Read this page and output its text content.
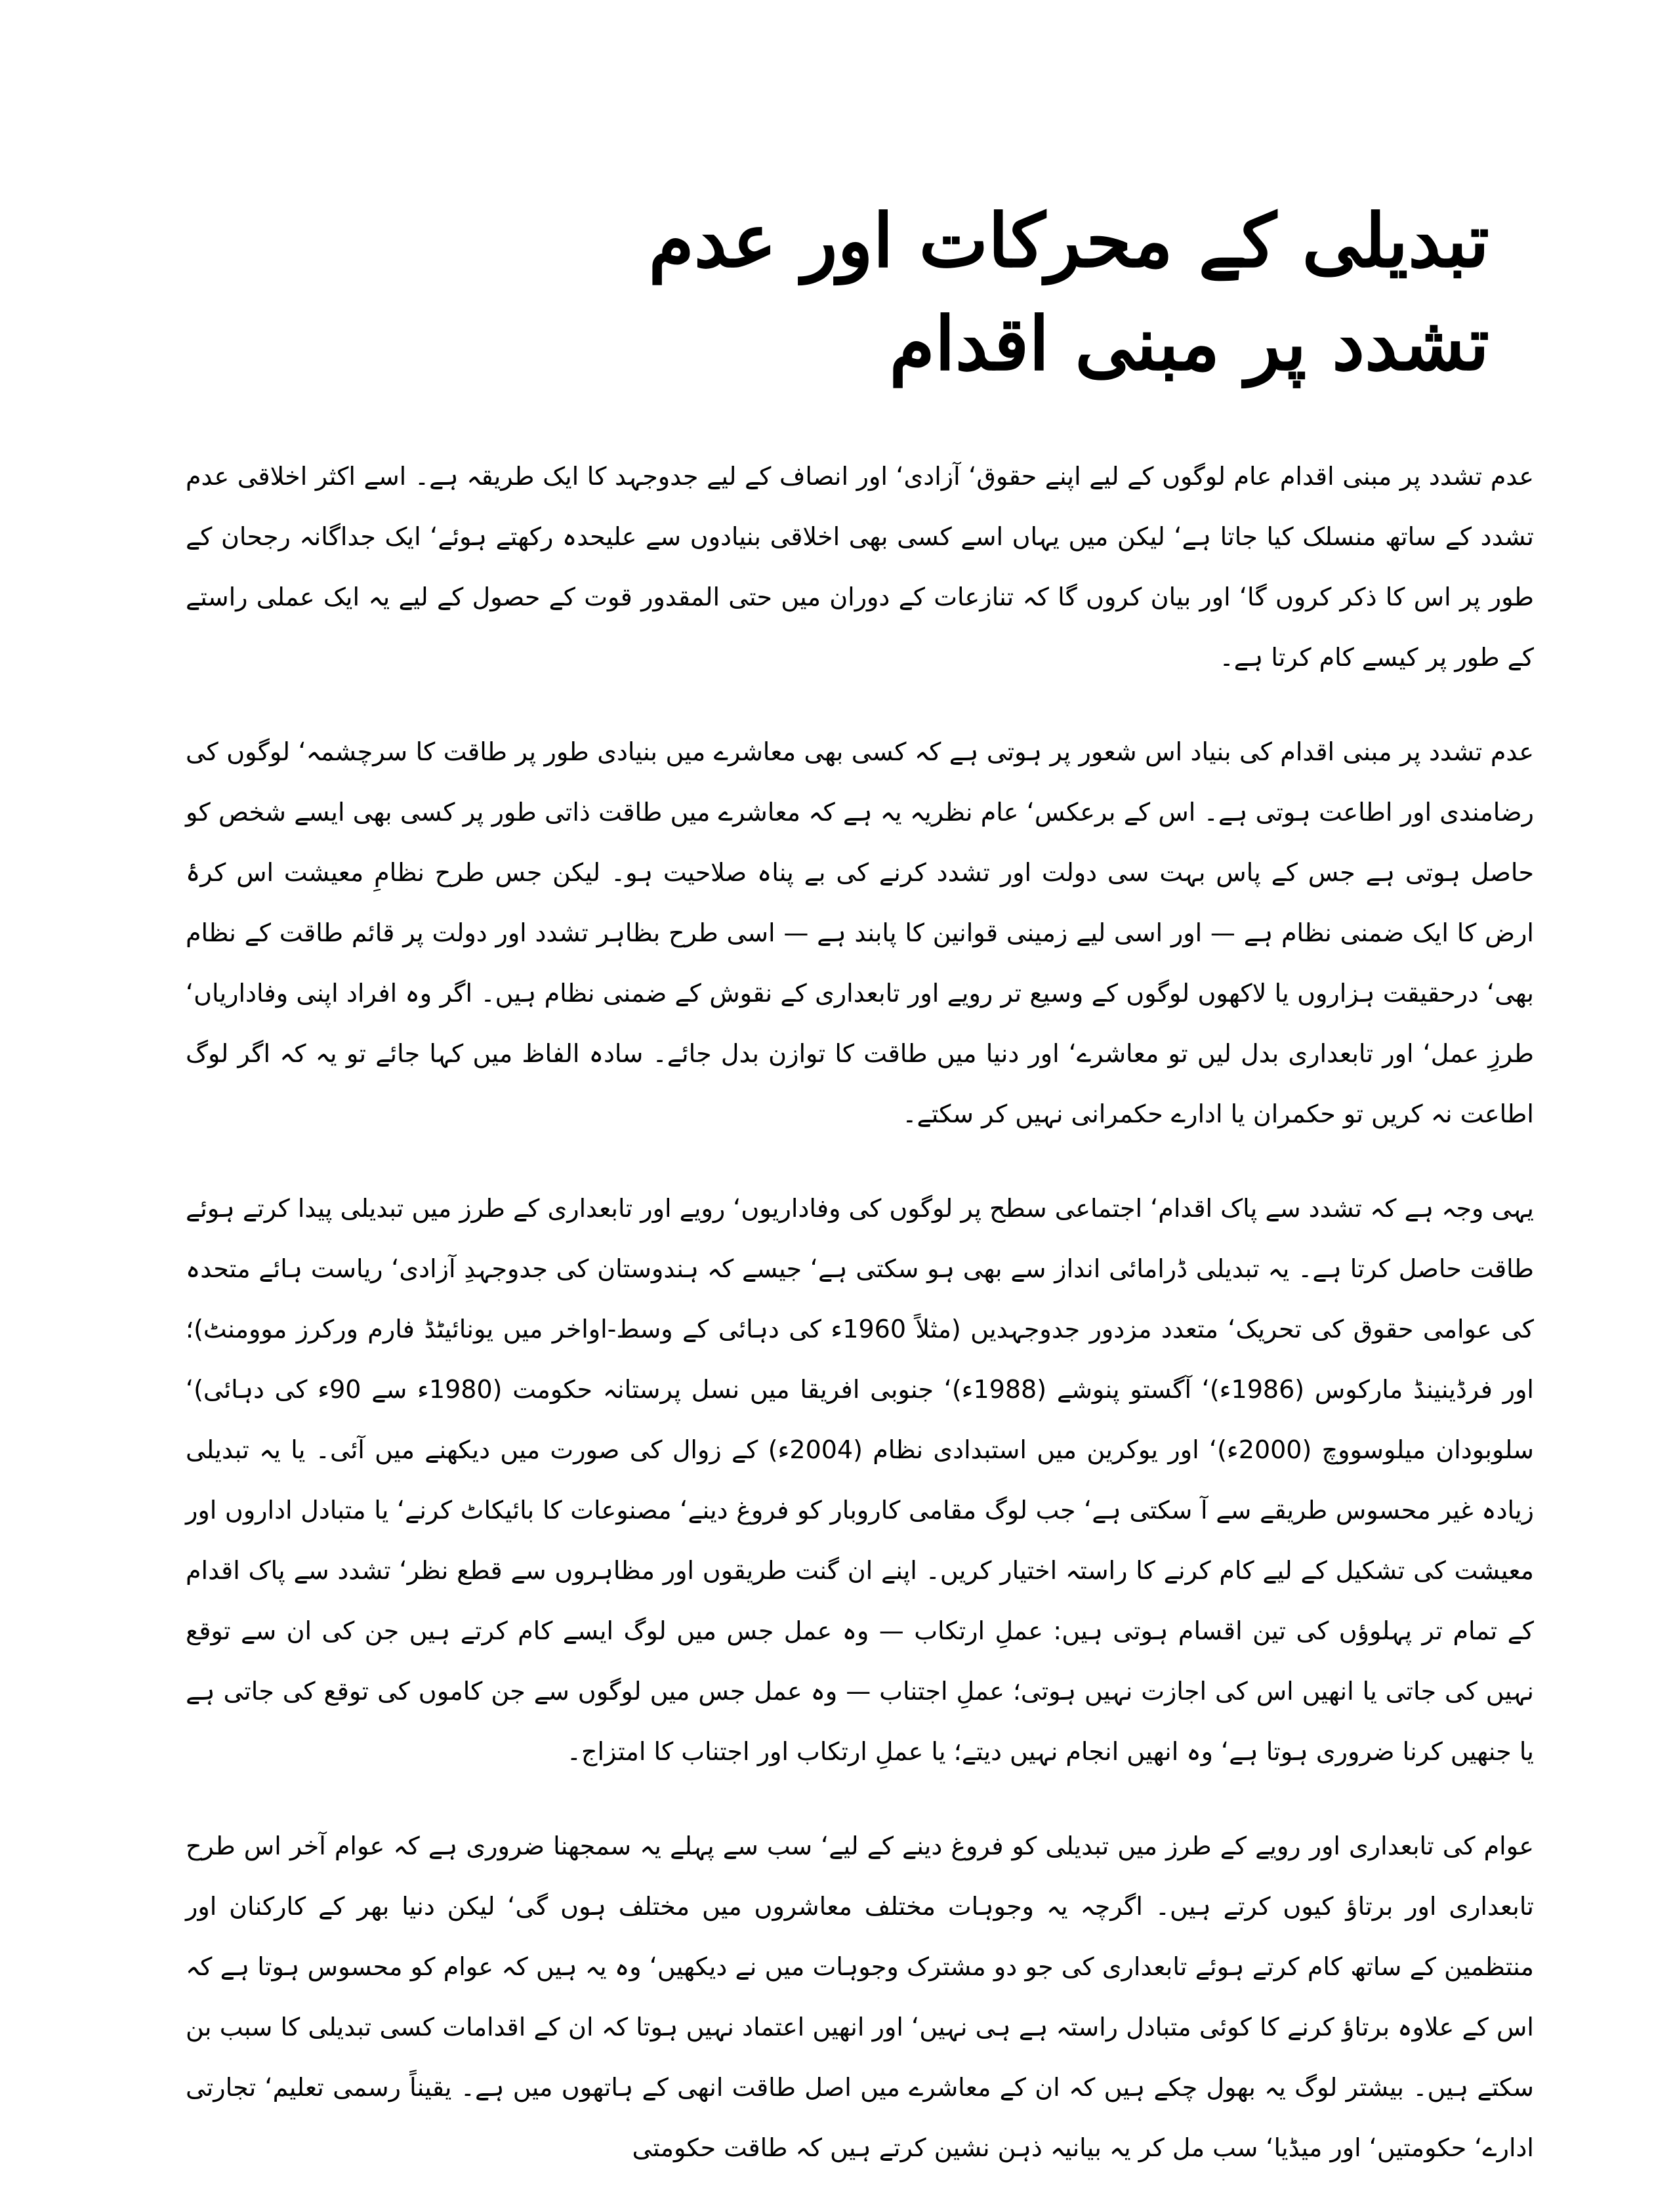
تبدیلی کے محرکات اور عدم تشدد پر مبنی اقدام

عدم تشدد پر مبنی اقدام عام لوگوں کے لیے اپنے حقوق‘ آزادی‘ اور انصاف کے لیے جدوجہد کا ایک طریقہ ہے۔ اسے اکثر اخلاقی عدم تشدد کے ساتھ منسلک کیا جاتا ہے‘ لیکن میں یہاں اسے کسی بھی اخلاقی بنیادوں سے علیحدہ رکھتے ہوئے‘ ایک جداگانہ رجحان کے طور پر اس کا ذکر کروں گا‘ اور بیان کروں گا کہ تنازعات کے دوران میں حتی المقدور قوت کے حصول کے لیے یہ ایک عملی راستے کے طور پر کیسے کام کرتا ہے۔

عدم تشدد پر مبنی اقدام کی بنیاد اس شعور پر ہوتی ہے کہ کسی بھی معاشرے میں بنیادی طور پر طاقت کا سرچشمہ‘ لوگوں کی رضامندی اور اطاعت ہوتی ہے۔ اس کے برعکس‘ عام نظریہ یہ ہے کہ معاشرے میں طاقت ذاتی طور پر کسی بھی ایسے شخص کو حاصل ہوتی ہے جس کے پاس بہت سی دولت اور تشدد کرنے کی بے پناہ صلاحیت ہو۔ لیکن جس طرح نظامِ معیشت اس کرۂ ارض کا ایک ضمنی نظام ہے — اور اسی لیے زمینی قوانین کا پابند ہے — اسی طرح بظاہر تشدد اور دولت پر قائم طاقت کے نظام بھی‘ درحقیقت ہزاروں یا لاکھوں لوگوں کے وسیع تر رویے اور تابعداری کے نقوش کے ضمنی نظام ہیں۔ اگر وہ افراد اپنی وفاداریاں‘ طرزِ عمل‘ اور تابعداری بدل لیں تو معاشرے‘ اور دنیا میں طاقت کا توازن بدل جائے۔ سادہ الفاظ میں کہا جائے تو یہ کہ اگر لوگ اطاعت نہ کریں تو حکمران یا ادارے حکمرانی نہیں کر سکتے۔

یہی وجہ ہے کہ تشدد سے پاک اقدام‘ اجتماعی سطح پر لوگوں کی وفاداریوں‘ رویے اور تابعداری کے طرز میں تبدیلی پیدا کرتے ہوئے طاقت حاصل کرتا ہے۔ یہ تبدیلی ڈرامائی انداز سے بھی ہو سکتی ہے‘ جیسے کہ ہندوستان کی جدوجہدِ آزادی‘ ریاست ہائے متحدہ کی عوامی حقوق کی تحریک‘ متعدد مزدور جدوجہدیں (مثلاً 1960ء کی دہائی کے وسط-اواخر میں یونائیٹڈ فارم ورکرز موومنٹ)؛ اور فرڈینینڈ مارکوس (1986ء)‘ آگستو پنوشے (1988ء)‘ جنوبی افریقا میں نسل پرستانہ حکومت (1980ء سے 90ء کی دہائی)‘ سلوبودان میلوسووچ (2000ء)‘ اور یوکرین میں استبدادی نظام (2004ء) کے زوال کی صورت میں دیکھنے میں آئی۔ یا یہ تبدیلی زیادہ غیر محسوس طریقے سے آ سکتی ہے‘ جب لوگ مقامی کاروبار کو فروغ دینے‘ مصنوعات کا بائیکاٹ کرنے‘ یا متبادل اداروں اور معیشت کی تشکیل کے لیے کام کرنے کا راستہ اختیار کریں۔ اپنے ان گنت طریقوں اور مظاہروں سے قطع نظر‘ تشدد سے پاک اقدام کے تمام تر پہلوؤں کی تین اقسام ہوتی ہیں: عملِ ارتکاب — وہ عمل جس میں لوگ ایسے کام کرتے ہیں جن کی ان سے توقع نہیں کی جاتی یا انھیں اس کی اجازت نہیں ہوتی؛ عملِ اجتناب — وہ عمل جس میں لوگوں سے جن کاموں کی توقع کی جاتی ہے یا جنھیں کرنا ضروری ہوتا ہے‘ وہ انھیں انجام نہیں دیتے؛ یا عملِ ارتکاب اور اجتناب کا امتزاج۔

عوام کی تابعداری اور رویے کے طرز میں تبدیلی کو فروغ دینے کے لیے‘ سب سے پہلے یہ سمجھنا ضروری ہے کہ عوام آخر اس طرح تابعداری اور برتاؤ کیوں کرتے ہیں۔ اگرچہ یہ وجوہات مختلف معاشروں میں مختلف ہوں گی‘ لیکن دنیا بھر کے کارکنان اور منتظمین کے ساتھ کام کرتے ہوئے تابعداری کی جو دو مشترک وجوہات میں نے دیکھیں‘ وہ یہ ہیں کہ عوام کو محسوس ہوتا ہے کہ اس کے علاوہ برتاؤ کرنے کا کوئی متبادل راستہ ہے ہی نہیں‘ اور انھیں اعتماد نہیں ہوتا کہ ان کے اقدامات کسی تبدیلی کا سبب بن سکتے ہیں۔ بیشتر لوگ یہ بھول چکے ہیں کہ ان کے معاشرے میں اصل طاقت انھی کے ہاتھوں میں ہے۔ یقیناً رسمی تعلیم‘ تجارتی ادارے‘ حکومتیں‘ اور میڈیا‘ سب مل کر یہ بیانیہ ذہن نشین کرتے ہیں کہ طاقت حکومتی
